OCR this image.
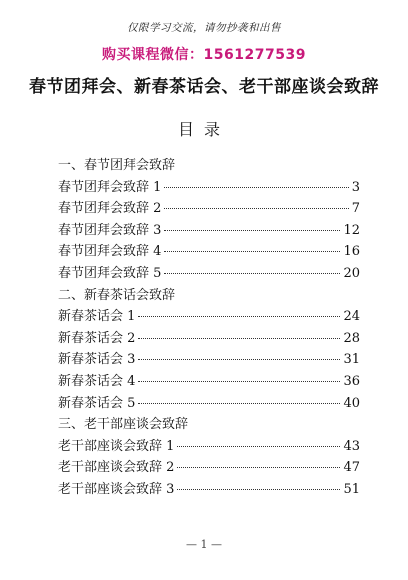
仅限学习交流，请勿抄袭和出售
购买课程微信：1561277539
春节团拜会、新春茶话会、老干部座谈会致辞
目录
一、春节团拜会致辞
春节团拜会致辞 1	3
春节团拜会致辞 2	7
春节团拜会致辞 3	12
春节团拜会致辞 4	16
春节团拜会致辞 5	20
二、新春茶话会致辞
新春茶话会 1	24
新春茶话会 2	28
新春茶话会 3	31
新春茶话会 4	36
新春茶话会 5	40
三、老干部座谈会致辞
老干部座谈会致辞 1	43
老干部座谈会致辞 2	47
老干部座谈会致辞 3	51
— 1 —
